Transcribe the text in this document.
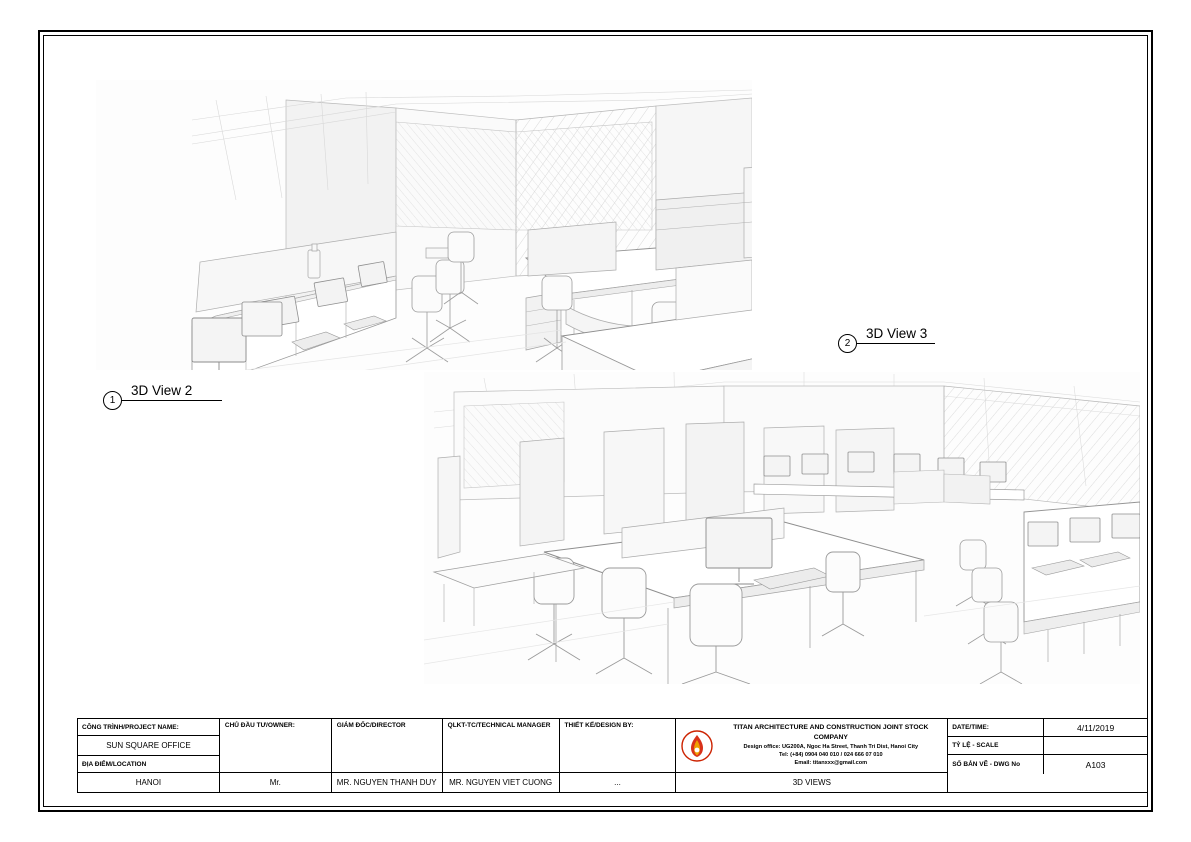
1
3D View 2
2
3D View 3
CÔNG TRÌNH/PROJECT NAME:
SUN SQUARE OFFICE
ĐỊA ĐIỂM/LOCATION
HANOI
CHỦ ĐẦU TƯ/OWNER:
Mr.
GIÁM ĐỐC/DIRECTOR
MR. NGUYEN THANH DUY
QLKT-TC/TECHNICAL MANAGER
MR. NGUYEN VIET CUONG
THIẾT KẾ/DESIGN BY:
...
TITAN ARCHITECTURE AND CONSTRUCTION JOINT STOCK COMPANY
Design office: UG200A, Ngoc Ha Street, Thanh Tri Dist, Hanoi City
Tel: (+84) 0904 040 010 / 024 666 07 010
Email: titanxxx@gmail.com
3D VIEWS
DATE/TIME:	4/11/2019
TỶ LỆ - SCALE
SỐ BẢN VẼ - DWG No	A103
